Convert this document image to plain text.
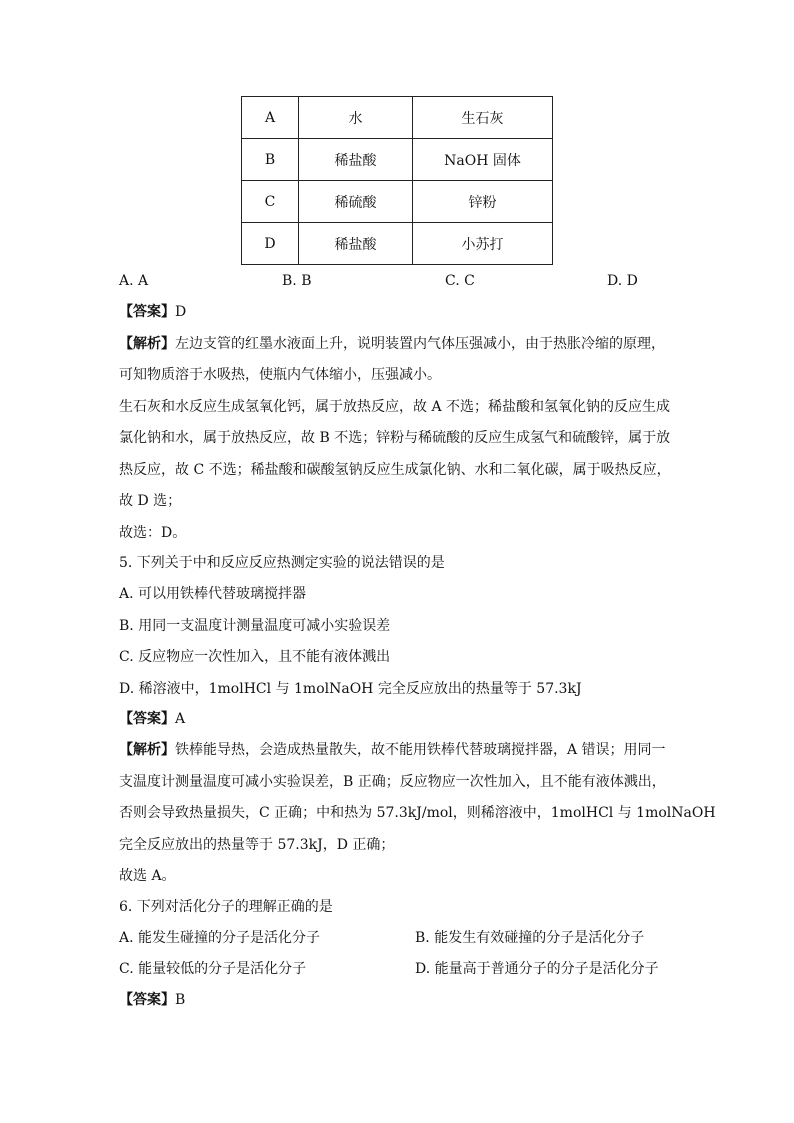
A	水	生石灰
B	稀盐酸	NaOH 固体
C	稀硫酸	锌粉
D	稀盐酸	小苏打
A. A	B. B	C. C	D. D
【答案】D
【解析】左边支管的红墨水液面上升，说明装置内气体压强减小，由于热胀冷缩的原理，
可知物质溶于水吸热，使瓶内气体缩小，压强减小。
生石灰和水反应生成氢氧化钙，属于放热反应，故 A 不选；稀盐酸和氢氧化钠的反应生成
氯化钠和水，属于放热反应，故 B 不选；锌粉与稀硫酸的反应生成氢气和硫酸锌，属于放
热反应，故 C 不选；稀盐酸和碳酸氢钠反应生成氯化钠、水和二氧化碳，属于吸热反应，
故 D 选；
故选：D。
5. 下列关于中和反应反应热测定实验的说法错误的是
A. 可以用铁棒代替玻璃搅拌器
B. 用同一支温度计测量温度可减小实验误差
C. 反应物应一次性加入，且不能有液体溅出
D. 稀溶液中，1molHCl 与 1molNaOH 完全反应放出的热量等于 57.3kJ
【答案】A
【解析】铁棒能导热，会造成热量散失，故不能用铁棒代替玻璃搅拌器，A 错误；用同一
支温度计测量温度可减小实验误差，B 正确；反应物应一次性加入，且不能有液体溅出，
否则会导致热量损失，C 正确；中和热为 57.3kJ/mol，则稀溶液中，1molHCl 与 1molNaOH
完全反应放出的热量等于 57.3kJ，D 正确；
故选 A。
6. 下列对活化分子的理解正确的是
A. 能发生碰撞的分子是活化分子	B. 能发生有效碰撞的分子是活化分子
C. 能量较低的分子是活化分子	D. 能量高于普通分子的分子是活化分子
【答案】B
